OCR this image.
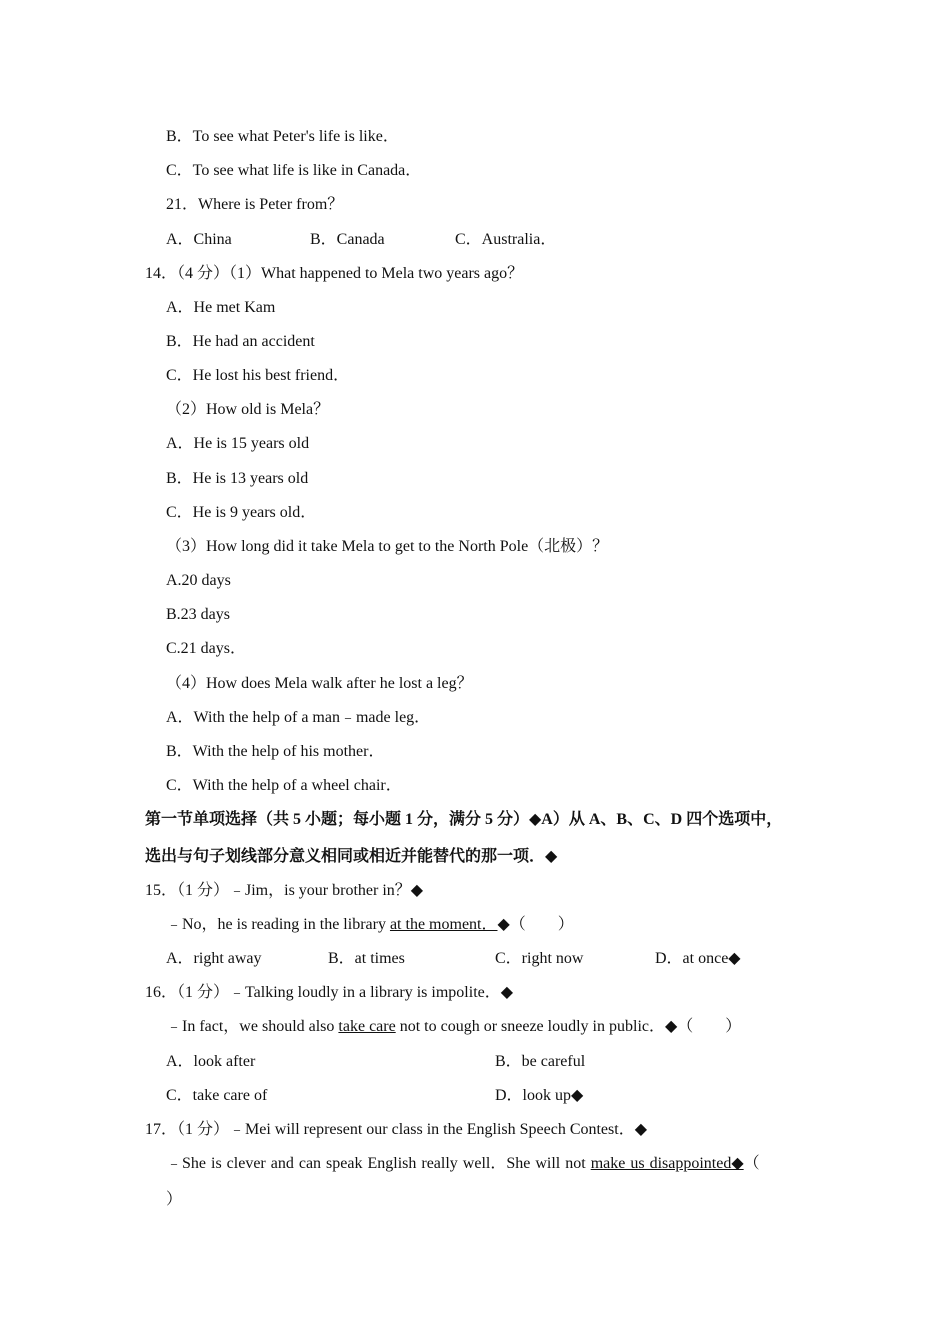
B．To see what Peter's life is like．
C．To see what life is like in Canada．
21．Where is Peter from？
A．China	B．Canada	C．Australia．
14．（4 分）（1）What happened to Mela two years ago？
A．He met Kam
B．He had an accident
C．He lost his best friend．
（2）How old is Mela？
A．He is 15 years old
B．He is 13 years old
C．He is 9 years old．
（3）How long did it take Mela to get to the North Pole（北极）？
A.20 days
B.23 days
C.21 days．
（4）How does Mela walk after he lost a leg？
A．With the help of a man﹣made leg．
B．With the help of his mother．
C．With the help of a wheel chair．
第一节单项选择（共 5 小题；每小题 1 分，满分 5 分）◆A）从 A、B、C、D 四个选项中，
选出与句子划线部分意义相同或相近并能替代的那一项．◆
15．（1 分）﹣Jim，is your brother in？◆
﹣No，he is reading in the library at the moment．◆（　　）
A．right away	B．at times	C．right now	D．at once◆
16．（1 分）﹣Talking loudly in a library is impolite．◆
﹣In fact，we should also take care not to cough or sneeze loudly in public．◆（　　）
A．look after	B．be careful
C．take care of	D．look up◆
17．（1 分）﹣Mei will represent our class in the English Speech Contest．◆
﹣She is clever and can speak English really well．She will not make us disappointed◆（
）
